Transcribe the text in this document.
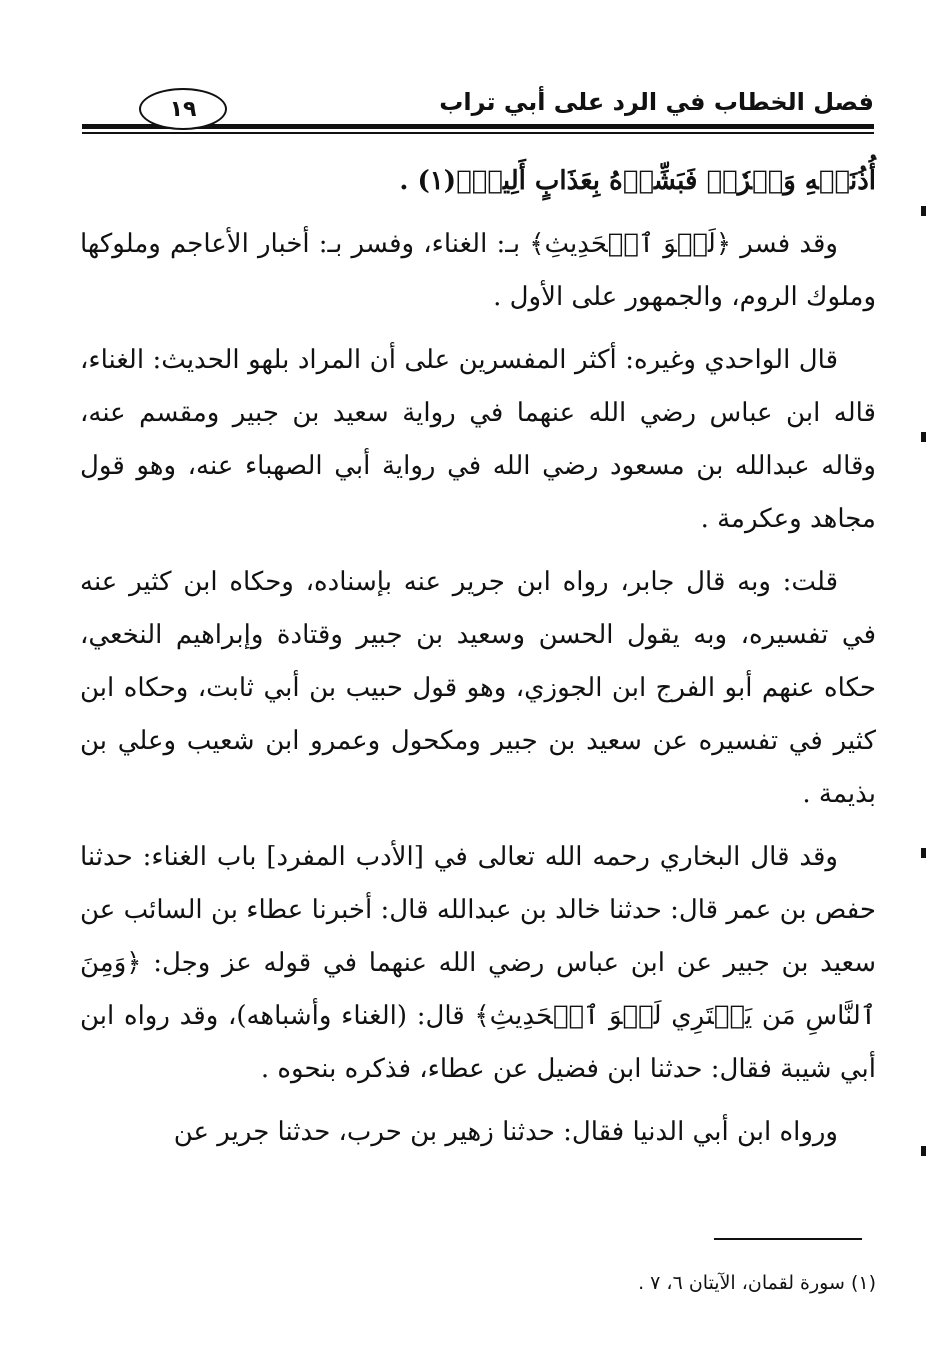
فصل الخطاب في الرد على أبي تراب
١٩

أُذُنَيۡهِ وَقۡرٗاۖ فَبَشِّرۡهُ بِعَذَابٍ أَلِيمٖ﴾(١) .

وقد فسر ﴿لَهۡوَ ٱلۡحَدِيثِ﴾ بـ: الغناء، وفسر بـ: أخبار الأعاجم وملوكها وملوك الروم، والجمهور على الأول .

قال الواحدي وغيره: أكثر المفسرين على أن المراد بلهو الحديث: الغناء، قاله ابن عباس رضي الله عنهما في رواية سعيد بن جبير ومقسم عنه، وقاله عبدالله بن مسعود رضي الله في رواية أبي الصهباء عنه، وهو قول مجاهد وعكرمة .

قلت: وبه قال جابر، رواه ابن جرير عنه بإسناده، وحكاه ابن كثير عنه في تفسيره، وبه يقول الحسن وسعيد بن جبير وقتادة وإبراهيم النخعي، حكاه عنهم أبو الفرج ابن الجوزي، وهو قول حبيب بن أبي ثابت، وحكاه ابن كثير في تفسيره عن سعيد بن جبير ومكحول وعمرو ابن شعيب وعلي بن بذيمة .

وقد قال البخاري رحمه الله تعالى في [الأدب المفرد] باب الغناء: حدثنا حفص بن عمر قال: حدثنا خالد بن عبدالله قال: أخبرنا عطاء بن السائب عن سعيد بن جبير عن ابن عباس رضي الله عنهما في قوله عز وجل: ﴿وَمِنَ ٱلنَّاسِ مَن يَشۡتَرِي لَهۡوَ ٱلۡحَدِيثِ﴾ قال: (الغناء وأشباهه)، وقد رواه ابن أبي شيبة فقال: حدثنا ابن فضيل عن عطاء، فذكره بنحوه .

ورواه ابن أبي الدنيا فقال: حدثنا زهير بن حرب، حدثنا جرير عن

(١) سورة لقمان، الآيتان ٦، ٧ .
